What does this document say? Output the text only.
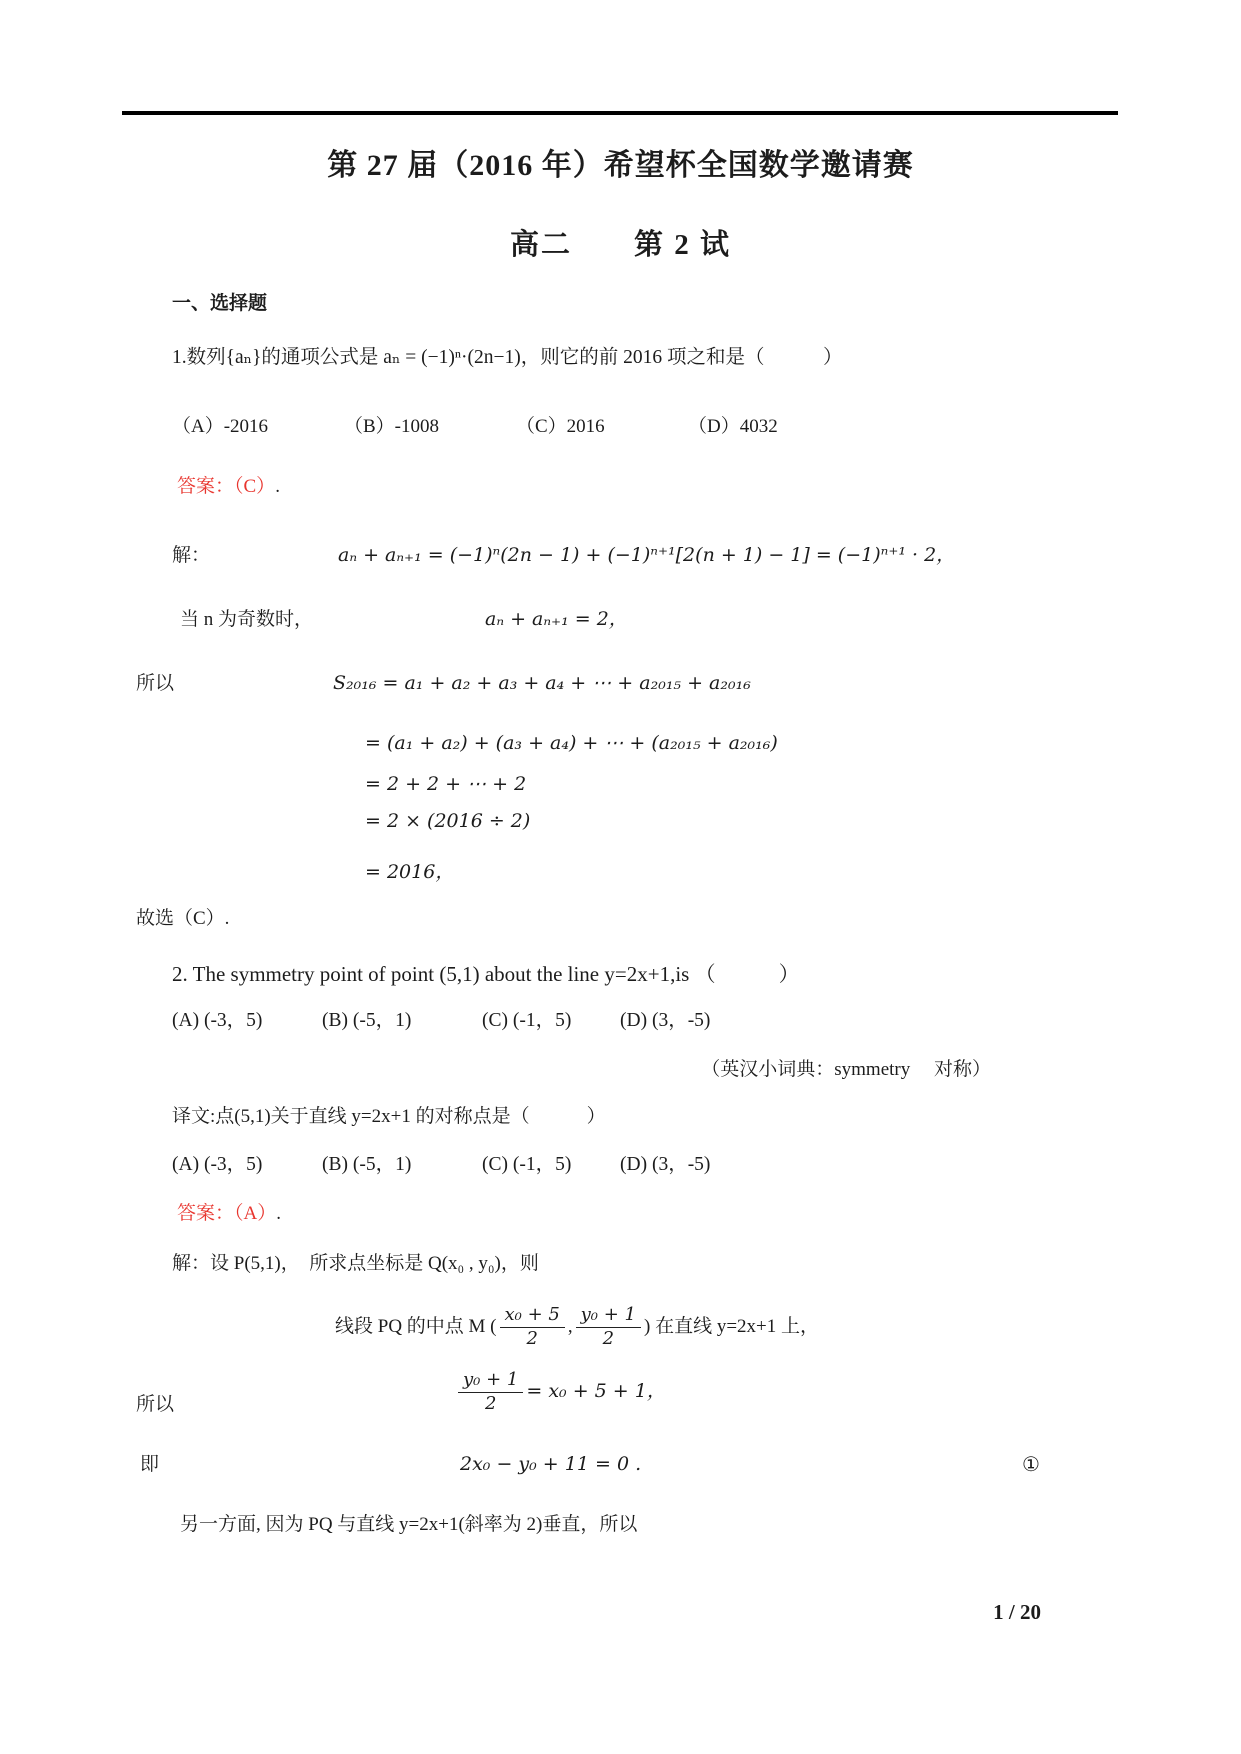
第 27 届（2016 年）希望杯全国数学邀请赛
高二　　第 2 试
一、选择题
1.数列{aₙ}的通项公式是 aₙ = (−1)ⁿ·(2n−1)，则它的前 2016 项之和是（　　　）
（A）-2016	（B）-1008	（C）2016	（D）4032
答案：（C）.
解：	aₙ + aₙ₊₁ = (−1)ⁿ(2n − 1) + (−1)ⁿ⁺¹[2(n + 1) − 1] = (−1)ⁿ⁺¹ · 2，
当 n 为奇数时，	aₙ + aₙ₊₁ = 2，
所以	S₂₀₁₆ = a₁ + a₂ + a₃ + a₄ + ⋯ + a₂₀₁₅ + a₂₀₁₆
= (a₁ + a₂) + (a₃ + a₄) + ⋯ + (a₂₀₁₅ + a₂₀₁₆)
= 2 + 2 + ⋯ + 2
= 2 × (2016 ÷ 2)
= 2016，
故选（C）.
2. The symmetry point of point (5,1) about the line y=2x+1,is （　　　）
(A) (-3，5)	(B) (-5，1)	(C) (-1，5)	(D) (3，-5)
（英汉小词典：symmetry　 对称）
译文:点(5,1)关于直线 y=2x+1 的对称点是（　　　）
(A) (-3，5)	(B) (-5，1)	(C) (-1，5)	(D) (3，-5)
答案：（A）.
解：设 P(5,1)，　所求点坐标是 Q(x₀ , y₀)，则
线段 PQ 的中点 M ( $\frac{\text{x₀ + 5}}{2}$ , $\frac{\text{y₀ + 1}}{2}$ ) 在直线 y=2x+1 上，
所以	$\frac{\text{y₀ + 1}}{2} = x_0 + 5 + 1$，
即	2x₀ − y₀ + 11 = 0 .	①
另一方面, 因为 PQ 与直线 y=2x+1(斜率为 2)垂直，所以
1 / 20
